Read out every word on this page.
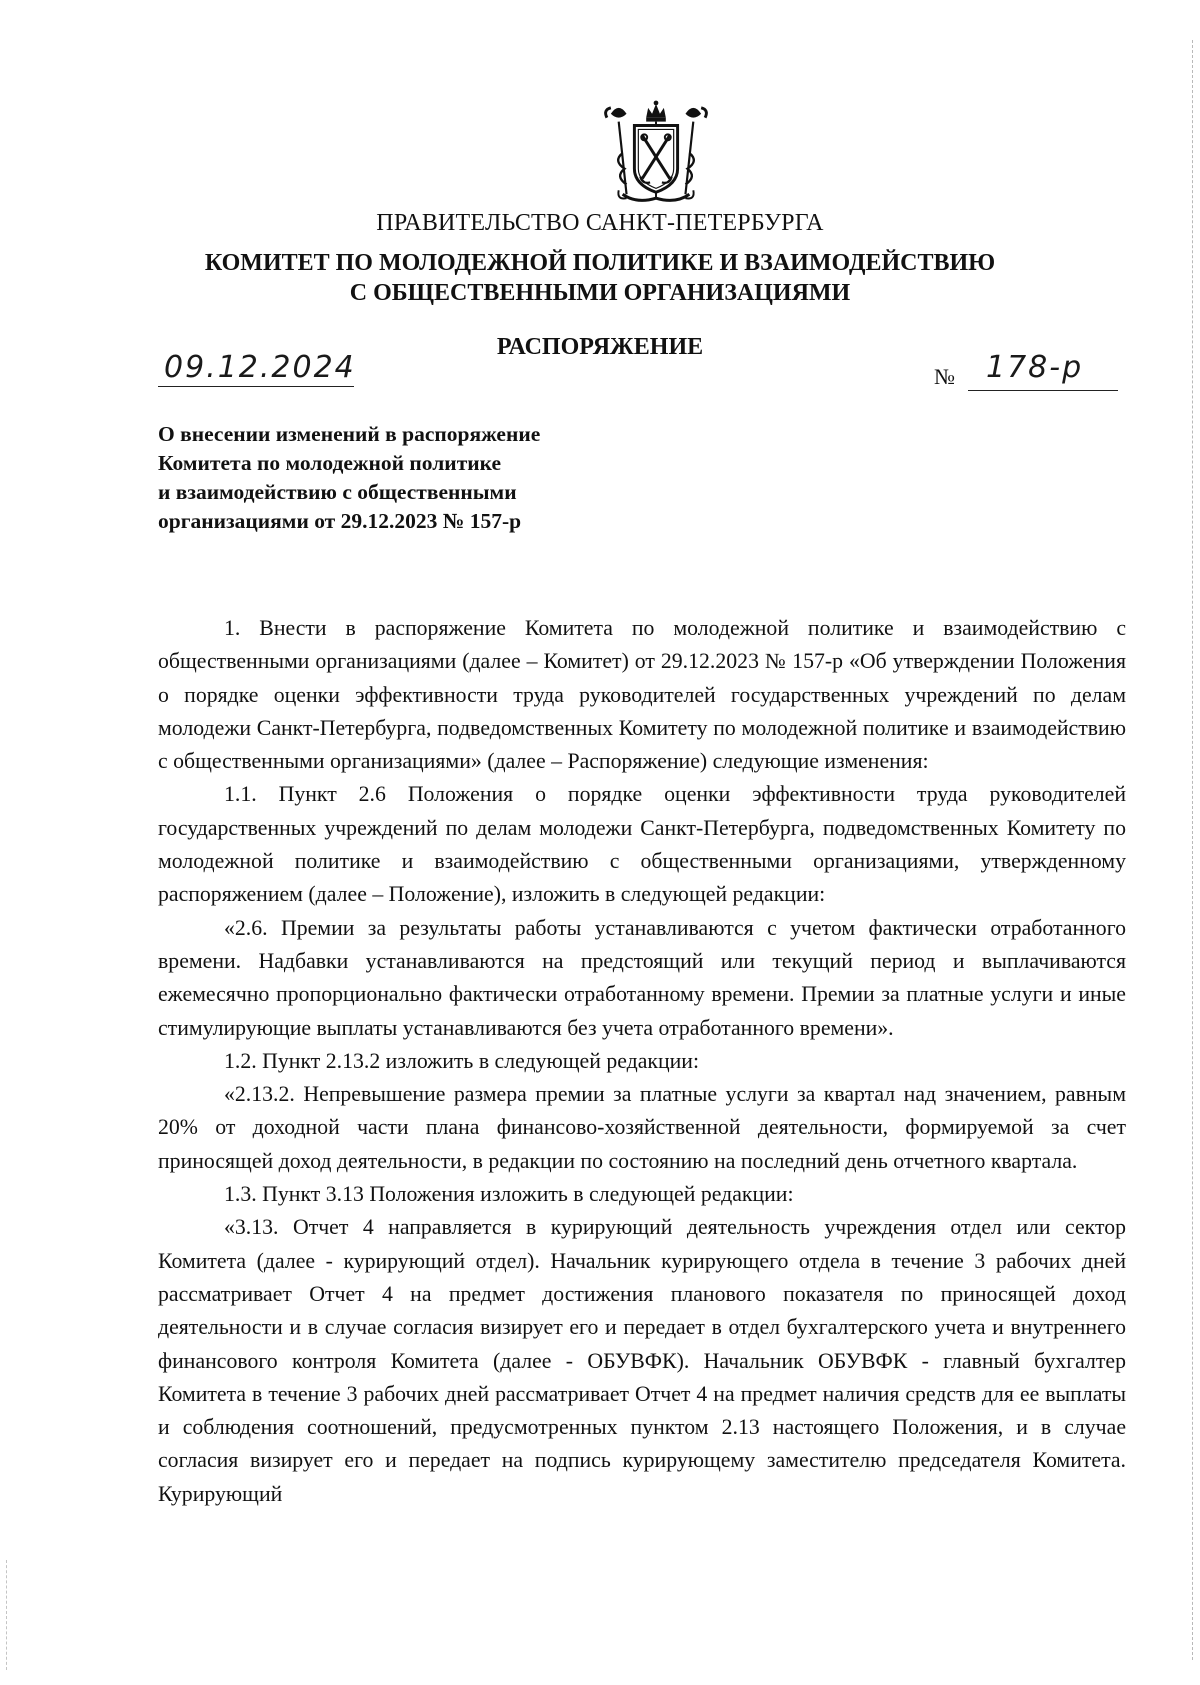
ПРАВИТЕЛЬСТВО САНКТ-ПЕТЕРБУРГА
КОМИТЕТ ПО МОЛОДЕЖНОЙ ПОЛИТИКЕ И ВЗАИМОДЕЙСТВИЮ
С ОБЩЕСТВЕННЫМИ ОРГАНИЗАЦИЯМИ
РАСПОРЯЖЕНИЕ
09.12.2024	№ 178-р
О внесении изменений в распоряжение
Комитета по молодежной политике
и взаимодействию с общественными
организациями от 29.12.2023 № 157-р

1. Внести в распоряжение Комитета по молодежной политике и взаимодействию с общественными организациями (далее – Комитет) от 29.12.2023 № 157-р «Об утверждении Положения о порядке оценки эффективности труда руководителей государственных учреждений по делам молодежи Санкт-Петербурга, подведомственных Комитету по молодежной политике и взаимодействию с общественными организациями» (далее – Распоряжение) следующие изменения:

1.1. Пункт 2.6 Положения о порядке оценки эффективности труда руководителей государственных учреждений по делам молодежи Санкт-Петербурга, подведомственных Комитету по молодежной политике и взаимодействию с общественными организациями, утвержденному распоряжением (далее – Положение), изложить в следующей редакции:

«2.6. Премии за результаты работы устанавливаются с учетом фактически отработанного времени. Надбавки устанавливаются на предстоящий или текущий период и выплачиваются ежемесячно пропорционально фактически отработанному времени. Премии за платные услуги и иные стимулирующие выплаты устанавливаются без учета отработанного времени».

1.2. Пункт 2.13.2 изложить в следующей редакции:

«2.13.2. Непревышение размера премии за платные услуги за квартал над значением, равным 20% от доходной части плана финансово-хозяйственной деятельности, формируемой за счет приносящей доход деятельности, в редакции по состоянию на последний день отчетного квартала.

1.3. Пункт 3.13 Положения изложить в следующей редакции:

«3.13. Отчет 4 направляется в курирующий деятельность учреждения отдел или сектор Комитета (далее - курирующий отдел). Начальник курирующего отдела в течение 3 рабочих дней рассматривает Отчет 4 на предмет достижения планового показателя по приносящей доход деятельности и в случае согласия визирует его и передает в отдел бухгалтерского учета и внутреннего финансового контроля Комитета (далее - ОБУВФК). Начальник ОБУВФК - главный бухгалтер Комитета в течение 3 рабочих дней рассматривает Отчет 4 на предмет наличия средств для ее выплаты и соблюдения соотношений, предусмотренных пунктом 2.13 настоящего Положения, и в случае согласия визирует его и передает на подпись курирующему заместителю председателя Комитета. Курирующий
